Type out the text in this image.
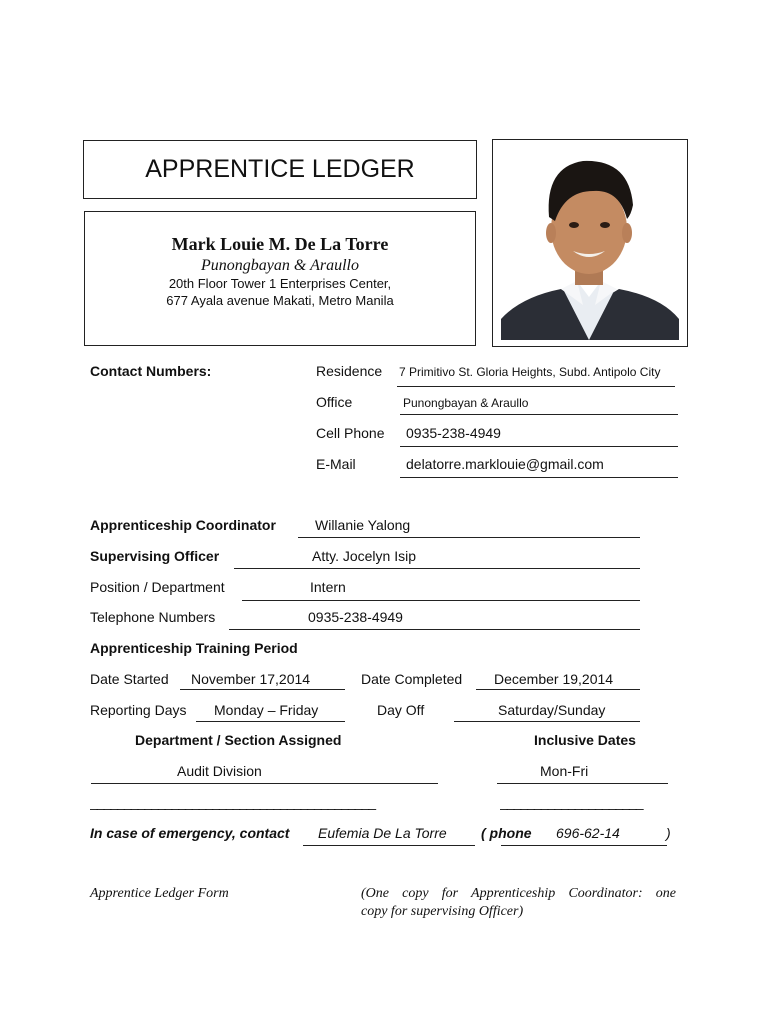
APPRENTICE LEDGER
Mark Louie M. De La Torre
Punongbayan & Araullo
20th Floor Tower 1 Enterprises Center,
677 Ayala avenue Makati, Metro Manila
Contact Numbers:	Residence 7 Primitivo St. Gloria Heights, Subd. Antipolo City
Office	Punongbayan & Araullo
Cell Phone 0935-238-4949
E-Mail	delatorre.marklouie@gmail.com
Apprenticeship Coordinator	Willanie Yalong
Supervising Officer	Atty. Jocelyn Isip
Position / Department	Intern
Telephone Numbers	0935-238-4949
Apprenticeship Training Period
Date Started November 17,2014	Date Completed December 19,2014
Reporting Days Monday – Friday	Day Off	Saturday/Sunday
Department / Section Assigned	Inclusive Dates
Audit Division	Mon-Fri
__________________________________________	_____________________
In case of emergency, contact Eufemia De La Torre ( phone 696-62-14	)
Apprentice Ledger Form	(One copy for Apprenticeship Coordinator: one
copy for supervising Officer)
